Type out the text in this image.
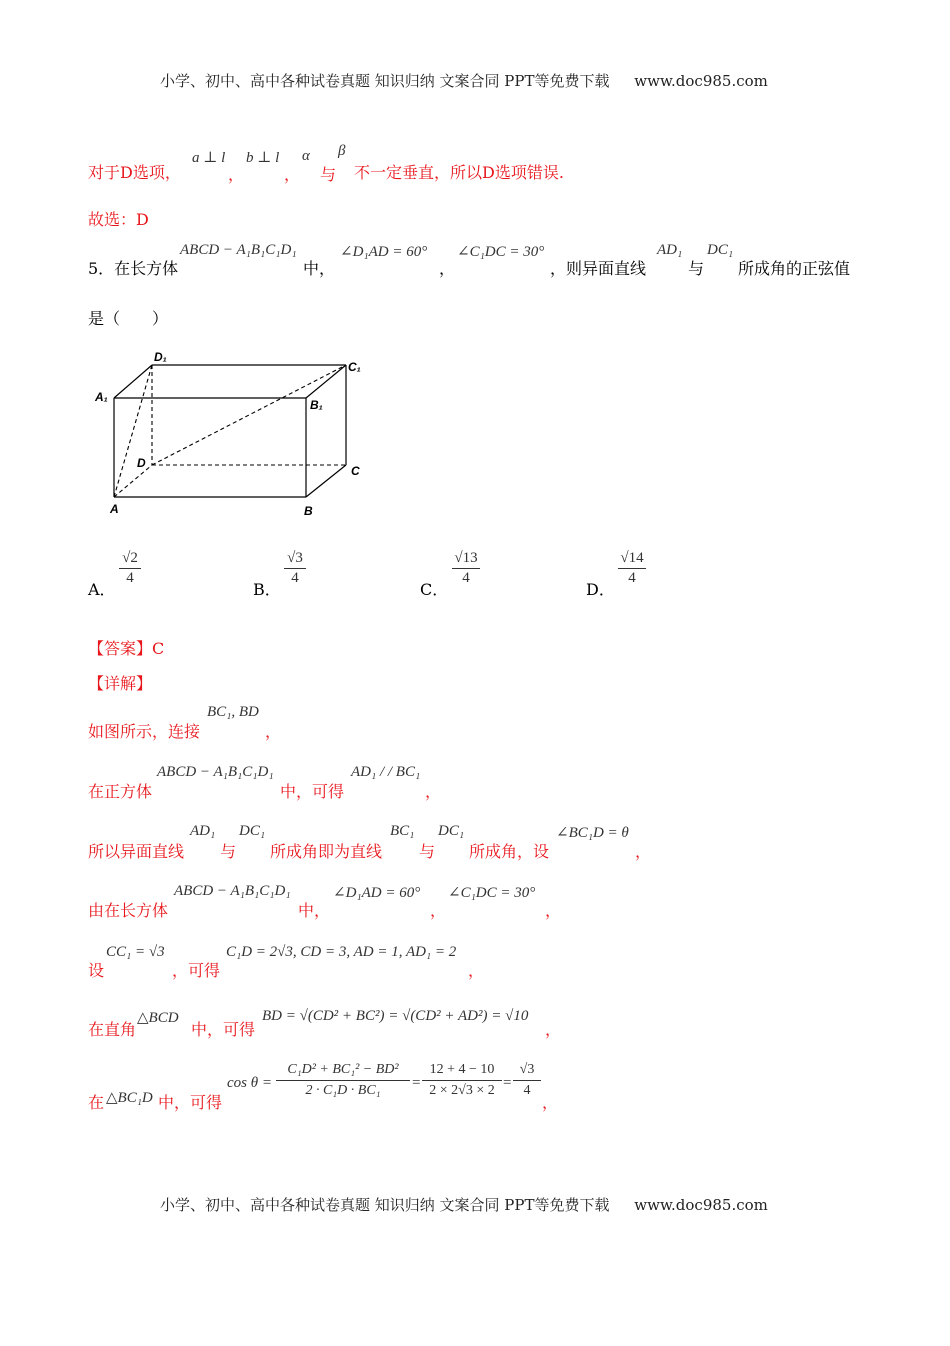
小学、初中、高中各种试卷真题 知识归纳 文案合同 PPT等免费下载 www.doc985.com
对于D选项，
a ⊥ l
，
b ⊥ l
，
α
与
β
不一定垂直，所以D选项错误.
故选：D
5．在长方体
ABCD − A₁B₁C₁D₁
中，
∠D₁AD = 60°
，
∠C₁DC = 30°
，则异面直线
AD₁
与
DC₁
所成角的正弦值
是（　　）
D₁
C₁
A₁
B₁
D
C
A	B
A．
√2
4
B．
√3
4
C．
√13
4
D．
√14
4
【答案】C
【详解】
如图所示，连接
BC₁, BD
，
在正方体
ABCD − A₁B₁C₁D₁
中，可得
AD₁ / / BC₁
，
所以异面直线
AD₁
与
DC₁
所成角即为直线
BC₁
与
DC₁
所成角，设
∠BC₁D = θ
，
由在长方体
ABCD − A₁B₁C₁D₁
中，
∠D₁AD = 60°
，
∠C₁DC = 30°
，
设
CC₁ = √3
，可得
C₁D = 2√3, CD = 3, AD = 1, AD₁ = 2
，
在直角
△BCD
中，可得
BD = √(CD² + BC²) = √(CD² + AD²) = √10
，
在 △BC₁D 中，可得
cos θ =
C₁D² + BC₁² − BD²
2 · C₁D · BC₁	=
12 + 4 − 10
2 × 2√3 × 2 =
√3
4
，
小学、初中、高中各种试卷真题 知识归纳 文案合同 PPT等免费下载 www.doc985.com
